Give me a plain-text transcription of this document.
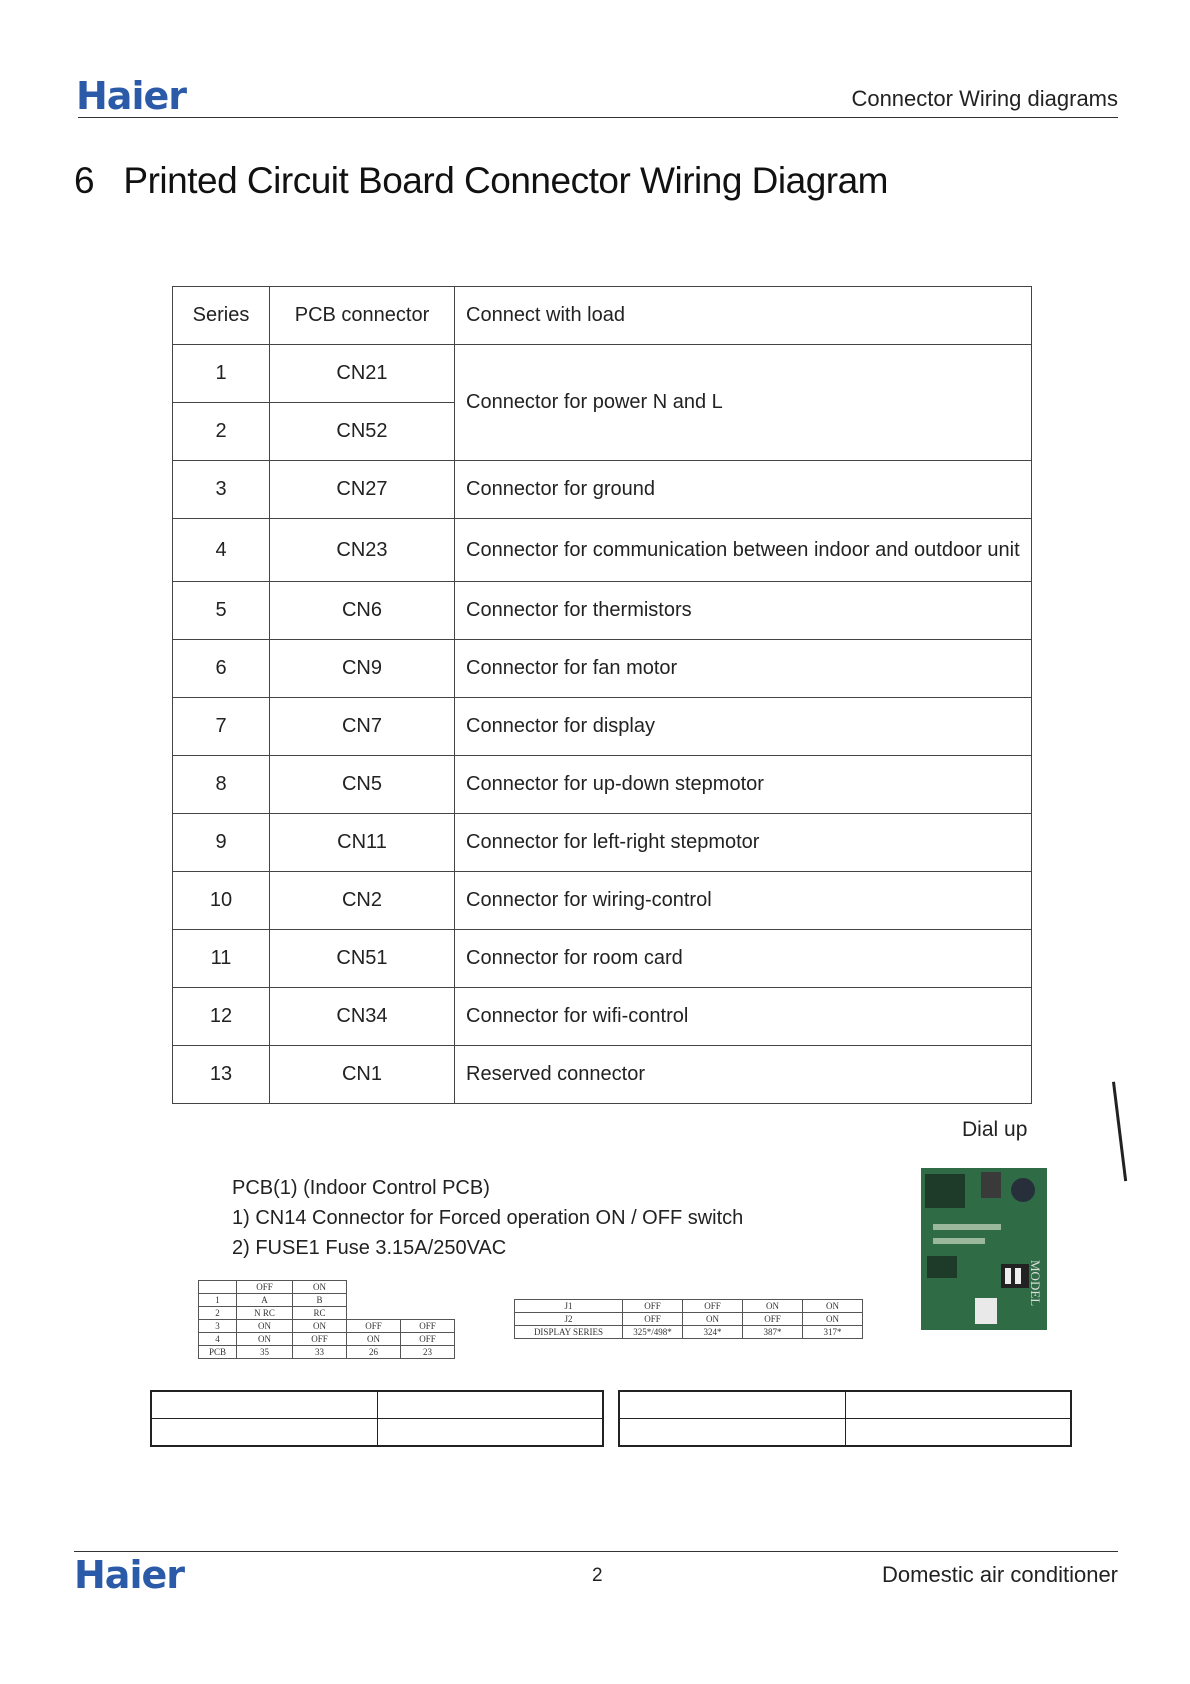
Haier	Connector Wiring diagrams
6   Printed Circuit Board Connector Wiring Diagram
Series	PCB connector	Connect with load
1	CN21	Connector for power N and L
2	CN52	
3	CN27	Connector for ground
4	CN23	Connector for communication between indoor and outdoor unit
5	CN6	Connector for thermistors
6	CN9	Connector for fan motor
7	CN7	Connector for display
8	CN5	Connector for up-down stepmotor
9	CN11	Connector for left-right stepmotor
10	CN2	Connector for wiring-control
11	CN51	Connector for room card
12	CN34	Connector for wifi-control
13	CN1	Reserved connector
Dial up
PCB(1) (Indoor Control PCB)
1) CN14 Connector for Forced operation ON / OFF switch
2) FUSE1 Fuse 3.15A/250VAC
	OFF	ON		
1	A	B		
2	N RC	RC		
3	ON	ON	OFF	OFF
4	ON	OFF	ON	OFF
PCB	35	33	26	23
J1	OFF	OFF	ON	ON
J2	OFF	ON	OFF	ON
DISPLAY SERIES	325*/498*	324*	387*	317*
MODEL

Haier	2	Domestic air conditioner
